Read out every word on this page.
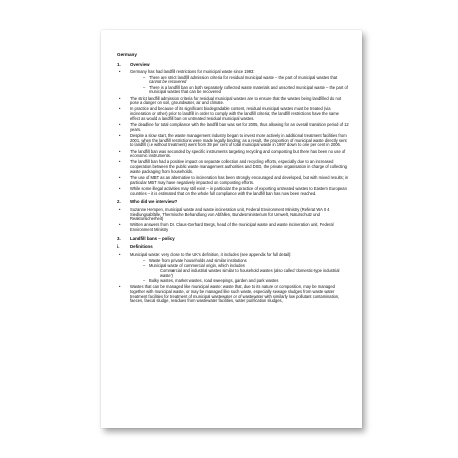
Germany
1. Overview
• Germany has had landfill restrictions for municipal waste since 1993:
– There are strict landfill admission criteria for residual municipal waste – the part of municipal wastes that cannot be recovered
– There is a landfill ban on both separately collected waste materials and unsorted municipal waste – the part of municipal wastes that can be recovered
• The strict landfill admission criteria for residual municipal wastes are to ensure that the wastes being landfilled do not pose a danger on soil, groundwater, air and climate.
• In practice and because of its significant biodegradable content, residual municipal wastes must be treated (via incineration or other) prior to landfill in order to comply with the landfill criteria; the landfill restrictions have the same effect as would a landfill ban on untreated residual municipal wastes.
• The deadline for total compliance with the landfill ban was set for 2005, thus allowing for an overall transition period of 12 years.
• Despite a slow start, the waste management industry began to invest more actively in additional treatment facilities from 2001, when the landfill restrictions were made legally binding; as a result, the proportion of municipal waste directly sent to landfill (i.e without treatment) went from 39 per cent of total municipal waste in 1997 down to one per cent in 2006.
• The landfill ban was seconded by specific instruments targeting recycling and composting but there has been no use of economic instruments.
• The landfill ban had a positive impact on separate collection and recycling efforts, especially due to an increased cooperation between the public waste management authorities and DSD, the private organisation in charge of collecting waste packaging from households.
• The use of MBT as an alternative to incineration has been strongly encouraged and developed, but with mixed results; in particular MBT may have negatively impacted on composting efforts.
• While some illegal activities may still exist – in particular the practice of exporting untreated wastes to Eastern European countries – it is estimated that on the whole full compliance with the landfill ban has now been reached.
2. Who did we interview?
• Suzanne Hempen, municipal waste and waste incineration unit, Federal Environment Ministry (Referat WA II 4 Siedlungsabfälle, Thermische Behandlung von Abfällen, Bundesministerium für Umwelt, Naturschutz und Reaktorsicherheit)
• Written answers from Dr. Claus-Gerhard Bergs, head of the municipal waste and waste incineration unit, Federal Environment Ministry
3. Landfill bans – policy
i. Definitions
• Municipal waste: very close to the UK's definition, it includes (see appendix for full detail):
– Waste from private households and similar institutions
– Municipal waste of commercial origin, which includes
o Commercial and industrial wastes similar to household wastes (also called 'domestic-type industrial waste')
– Bulky wastes, market wastes, road sweepings, garden and park wastes
• Wastes that can be managed like municipal waste: waste that, due to its nature or composition, may be managed together with municipal waste, or may be managed like such waste, especially sewage sludges from waste water treatment facilities for treatment of municipal wastewater or of wastewater with similarly low pollutant contamination, faeces, faecal sludge, residues from wastewater facilities, water purification sludges,
